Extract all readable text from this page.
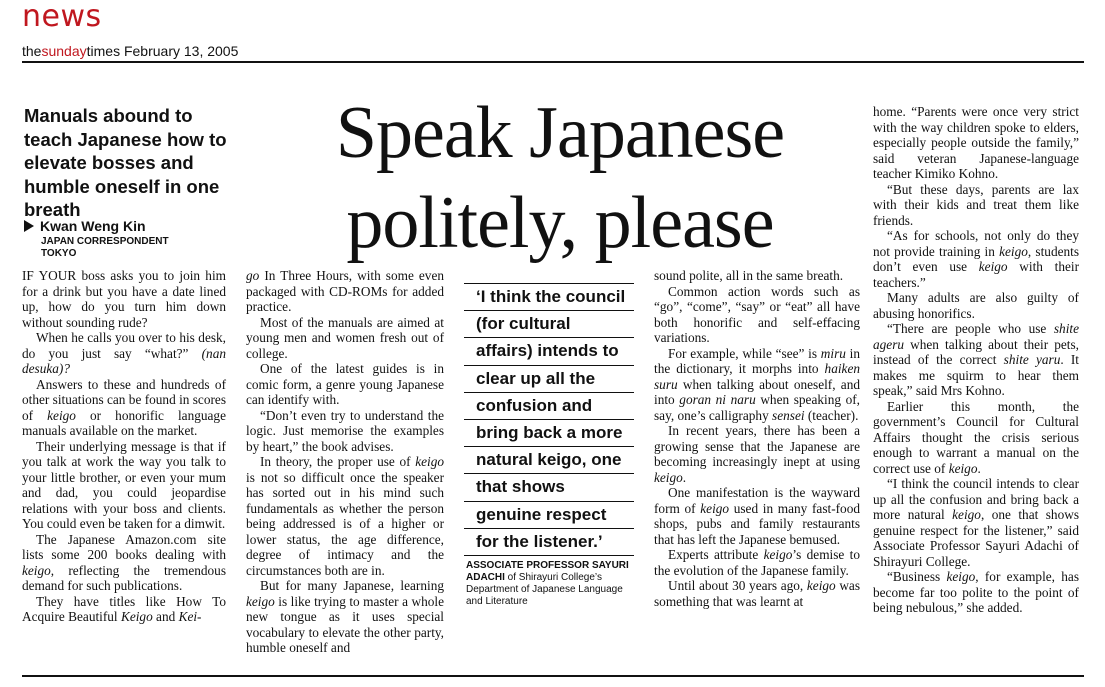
news
thesundaytimes February 13, 2005
Manuals abound to teach Japanese how to elevate bosses and humble oneself in one breath
Kwan Weng Kin
JAPAN CORRESPONDENT
TOKYO
Speak Japanese
politely, please

IF YOUR boss asks you to join him for a drink but you have a date lined up, how do you turn him down without sounding rude?

When he calls you over to his desk, do you just say “what?” (nan desuka)?

Answers to these and hundreds of other situations can be found in scores of keigo or honorific language manuals available on the market.

Their underlying message is that if you talk at work the way you talk to your little brother, or even your mum and dad, you could jeopardise relations with your boss and clients. You could even be taken for a dimwit.

The Japanese Amazon.com site lists some 200 books dealing with keigo, reflecting the tremendous demand for such publications.

They have titles like How To Acquire Beautiful Keigo and Kei-

go In Three Hours, with some even packaged with CD-ROMs for added practice.

Most of the manuals are aimed at young men and women fresh out of college.

One of the latest guides is in comic form, a genre young Japanese can identify with.

“Don’t even try to understand the logic. Just memorise the examples by heart,” the book advises.

In theory, the proper use of keigo is not so difficult once the speaker has sorted out in his mind such fundamentals as whether the person being addressed is of a higher or lower status, the age difference, degree of intimacy and the circumstances both are in.

But for many Japanese, learning keigo is like trying to master a whole new tongue as it uses special vocabulary to elevate the other party, humble oneself and

sound polite, all in the same breath.

Common action words such as “go”, “come”, “say” or “eat” all have both honorific and self-effacing variations.

For example, while “see” is miru in the dictionary, it morphs into haiken suru when talking about oneself, and into goran ni naru when speaking of, say, one’s calligraphy sensei (teacher).

In recent years, there has been a growing sense that the Japanese are becoming increasingly inept at using keigo.

One manifestation is the wayward form of keigo used in many fast-food shops, pubs and family restaurants that has left the Japanese bemused.

Experts attribute keigo’s demise to the evolution of the Japanese family.

Until about 30 years ago, keigo was something that was learnt at

home. “Parents were once very strict with the way children spoke to elders, especially people outside the family,” said veteran Japanese-language teacher Kimiko Kohno.

“But these days, parents are lax with their kids and treat them like friends.

“As for schools, not only do they not provide training in keigo, students don’t even use keigo with their teachers.”

Many adults are also guilty of abusing honorifics.

“There are people who use shite ageru when talking about their pets, instead of the correct shite yaru. It makes me squirm to hear them speak,” said Mrs Kohno.

Earlier this month, the government’s Council for Cultural Affairs thought the crisis serious enough to warrant a manual on the correct use of keigo.

“I think the council intends to clear up all the confusion and bring back a more natural keigo, one that shows genuine respect for the listener,” said Associate Professor Sayuri Adachi of Shirayuri College.

“Business keigo, for example, has become far too polite to the point of being nebulous,” she added.

‘I think the council
(for cultural
affairs) intends to
clear up all the
confusion and
bring back a more
natural keigo, one
that shows
genuine respect
for the listener.’
ASSOCIATE PROFESSOR SAYURI ADACHI of Shirayuri College’s Department of Japanese Language and Literature
